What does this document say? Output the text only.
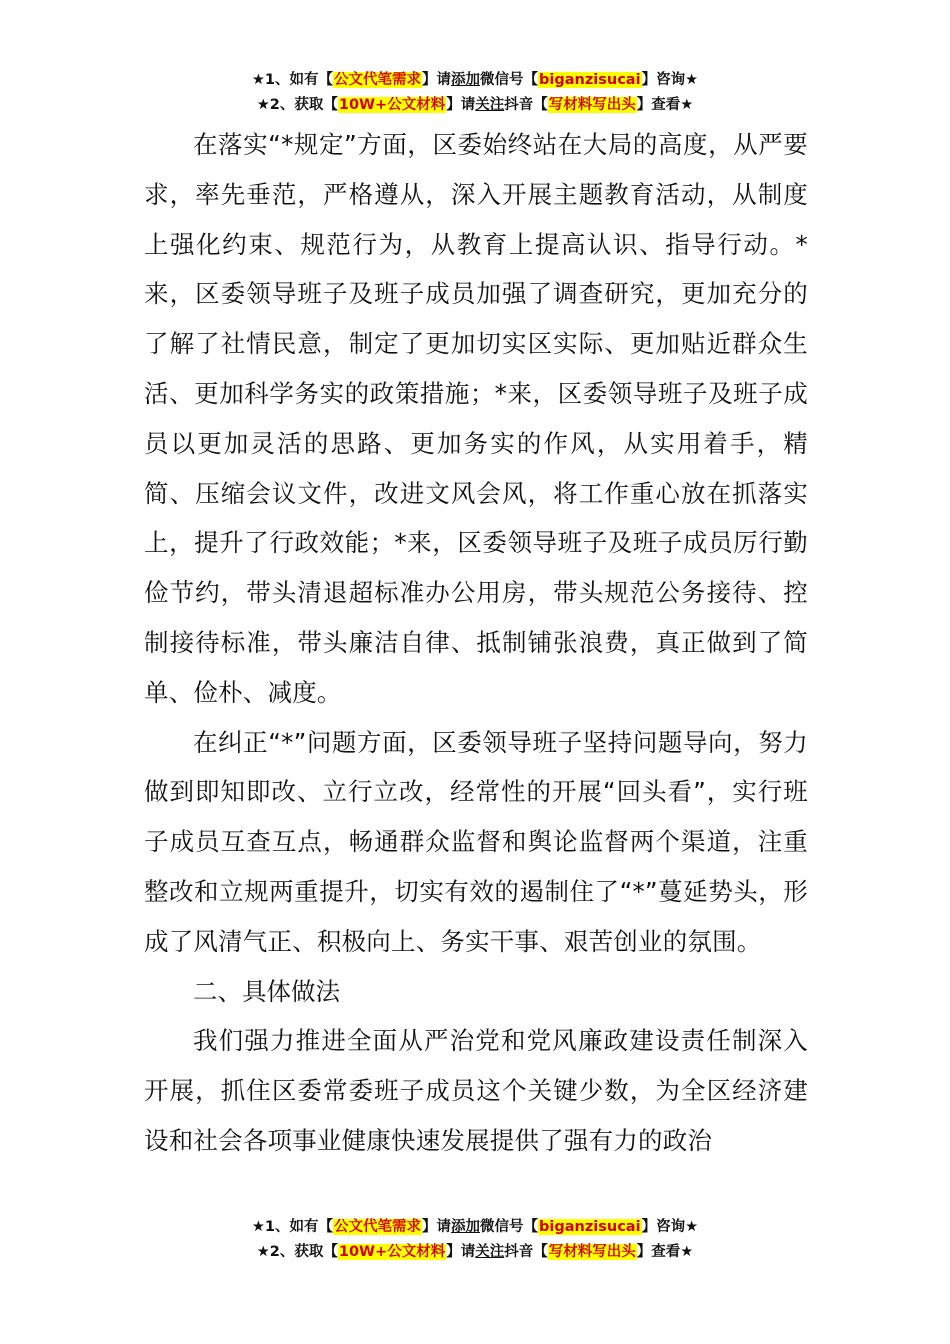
★1、如有【公文代笔需求】请添加微信号【biganzisucai】咨询★
★2、获取【10W+公文材料】请关注抖音【写材料写出头】查看★

在落实“*规定”方面，区委始终站在大局的高度，从严要求，率先垂范，严格遵从，深入开展主题教育活动，从制度上强化约束、规范行为，从教育上提高认识、指导行动。*来，区委领导班子及班子成员加强了调查研究，更加充分的了解了社情民意，制定了更加切实区实际、更加贴近群众生活、更加科学务实的政策措施；*来，区委领导班子及班子成员以更加灵活的思路、更加务实的作风，从实用着手，精简、压缩会议文件，改进文风会风，将工作重心放在抓落实上，提升了行政效能；*来，区委领导班子及班子成员厉行勤俭节约，带头清退超标准办公用房，带头规范公务接待、控制接待标准，带头廉洁自律、抵制铺张浪费，真正做到了简单、俭朴、减度。

在纠正“*”问题方面，区委领导班子坚持问题导向，努力做到即知即改、立行立改，经常性的开展“回头看”，实行班子成员互查互点，畅通群众监督和舆论监督两个渠道，注重整改和立规两重提升，切实有效的遏制住了“*”蔓延势头，形成了风清气正、积极向上、务实干事、艰苦创业的氛围。

二、具体做法

我们强力推进全面从严治党和党风廉政建设责任制深入开展，抓住区委常委班子成员这个关键少数，为全区经济建设和社会各项事业健康快速发展提供了强有力的政治

★1、如有【公文代笔需求】请添加微信号【biganzisucai】咨询★
★2、获取【10W+公文材料】请关注抖音【写材料写出头】查看★
